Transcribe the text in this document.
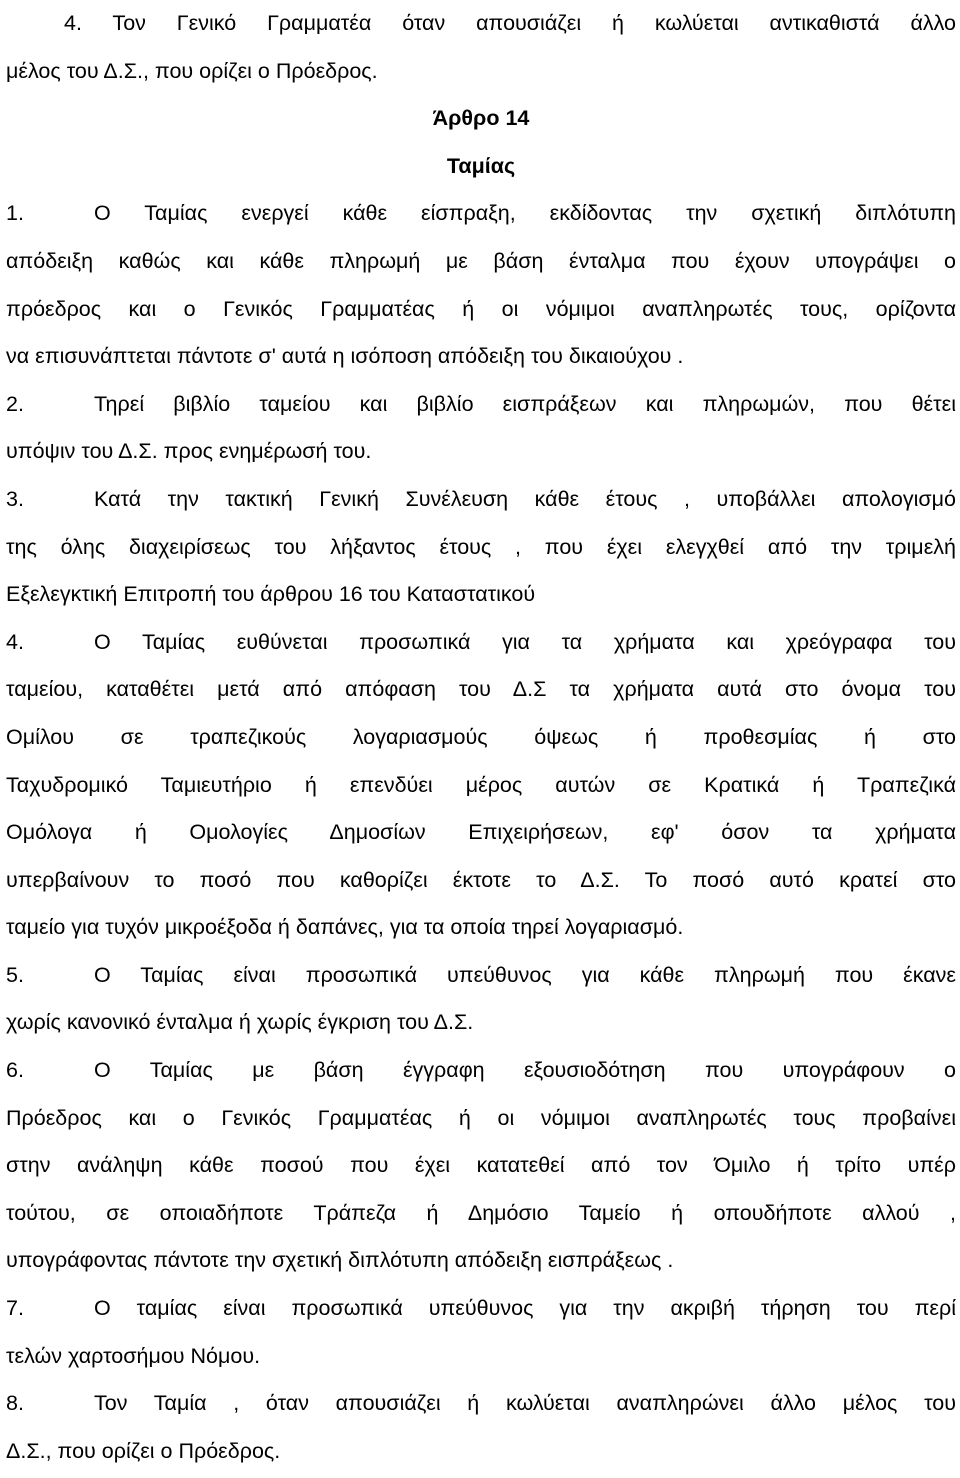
4. Τον Γενικό Γραμματέα όταν απουσιάζει ή κωλύεται αντικαθιστά άλλο

μέλος του Δ.Σ., που ορίζει ο Πρόεδρος.

Άρθρο 14

Ταμίας

1.	Ο Ταμίας ενεργεί κάθε είσπραξη, εκδίδοντας την σχετική διπλότυπη

απόδειξη καθώς και κάθε πληρωμή με βάση ένταλμα που έχουν υπογράψει ο

πρόεδρος και ο Γενικός Γραμματέας ή οι νόμιμοι αναπληρωτές τους, ορίζοντα

να επισυνάπτεται πάντοτε σ' αυτά η ισόποση απόδειξη του δικαιούχου .

2.	Τηρεί βιβλίο ταμείου και βιβλίο εισπράξεων και πληρωμών, που θέτει

υπόψιν του Δ.Σ. προς ενημέρωσή του.

3.	Κατά την τακτική Γενική Συνέλευση κάθε έτους , υποβάλλει απολογισμό

της όλης διαχειρίσεως του λήξαντος έτους , που έχει ελεγχθεί από την τριμελή

Εξελεγκτική Επιτροπή του άρθρου 16 του Καταστατικού

4.	Ο Ταμίας ευθύνεται προσωπικά για τα χρήματα και χρεόγραφα του

ταμείου, καταθέτει μετά από απόφαση του Δ.Σ τα χρήματα αυτά στο όνομα του

Ομίλου σε τραπεζικούς λογαριασμούς όψεως ή προθεσμίας ή στο

Ταχυδρομικό Ταμιευτήριο ή επενδύει μέρος αυτών σε Κρατικά ή Τραπεζικά

Ομόλογα ή Ομολογίες Δημοσίων Επιχειρήσεων, εφ' όσον τα χρήματα

υπερβαίνουν το ποσό που καθορίζει έκτοτε το Δ.Σ. Το ποσό αυτό κρατεί στο

ταμείο για τυχόν μικροέξοδα ή δαπάνες, για τα οποία τηρεί λογαριασμό.

5.	Ο Ταμίας είναι προσωπικά υπεύθυνος για κάθε πληρωμή που έκανε

χωρίς κανονικό ένταλμα ή χωρίς έγκριση του Δ.Σ.

6.	Ο Ταμίας με βάση έγγραφη εξουσιοδότηση που υπογράφουν ο

Πρόεδρος και ο Γενικός Γραμματέας ή οι νόμιμοι αναπληρωτές τους προβαίνει

στην ανάληψη κάθε ποσού που έχει κατατεθεί από τον Όμιλο ή τρίτο υπέρ

τούτου, σε οποιαδήποτε Τράπεζα ή Δημόσιο Ταμείο ή οπουδήποτε αλλού ,

υπογράφοντας πάντοτε την σχετική διπλότυπη απόδειξη εισπράξεως .

7.	Ο ταμίας είναι προσωπικά υπεύθυνος για την ακριβή τήρηση του περί

τελών χαρτοσήμου Νόμου.

8.	Τον Ταμία , όταν απουσιάζει ή κωλύεται αναπληρώνει άλλο μέλος του

Δ.Σ., που ορίζει ο Πρόεδρος.
